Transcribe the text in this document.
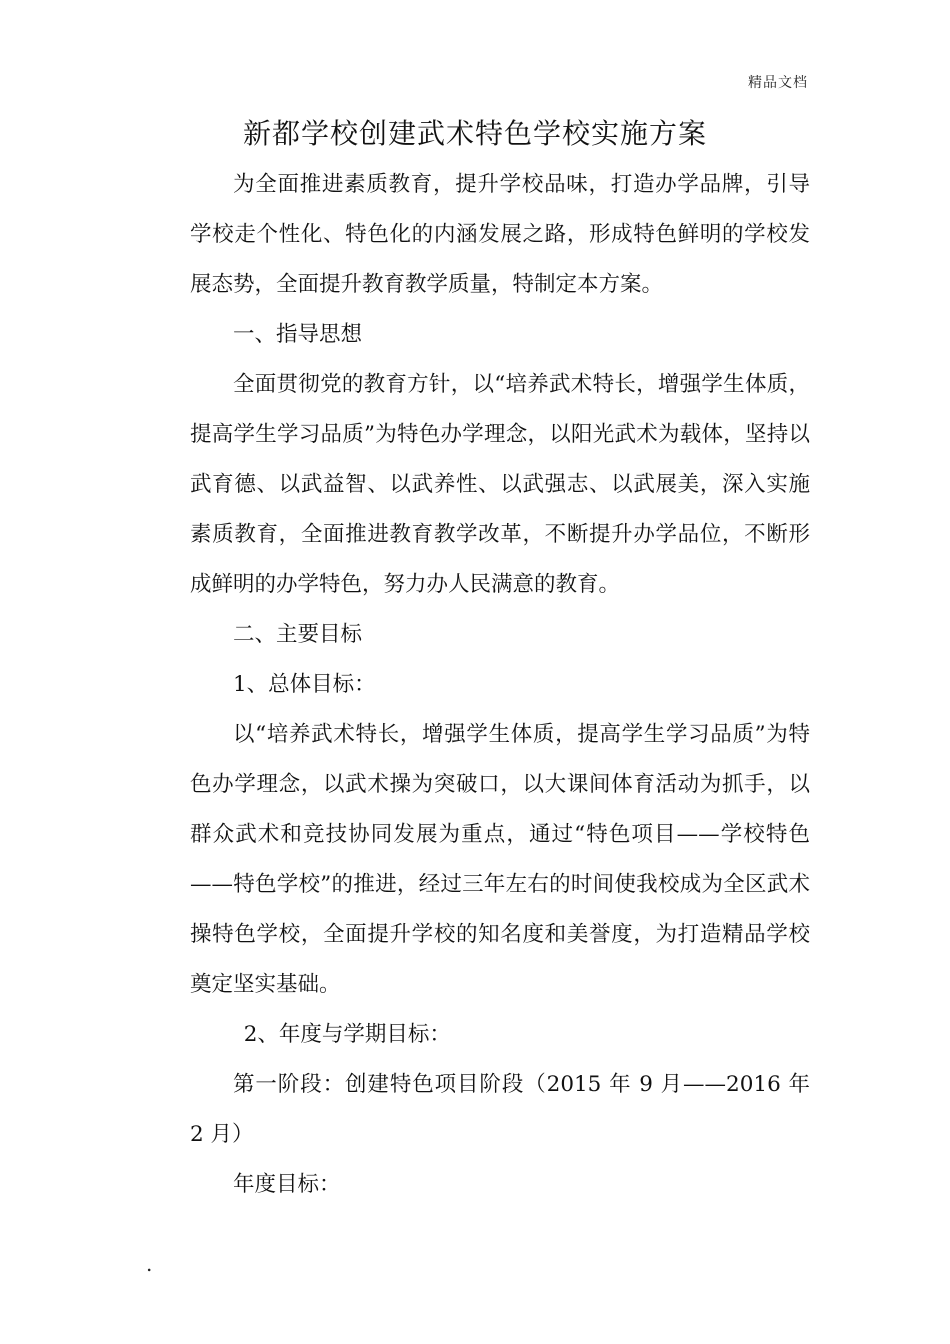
精品文档
新都学校创建武术特色学校实施方案

为全面推进素质教育，提升学校品味，打造办学品牌，引导学校走个性化、特色化的内涵发展之路，形成特色鲜明的学校发展态势，全面提升教育教学质量，特制定本方案。

一、指导思想

全面贯彻党的教育方针，以“培养武术特长，增强学生体质，提高学生学习品质”为特色办学理念，以阳光武术为载体，坚持以武育德、以武益智、以武养性、以武强志、以武展美，深入实施素质教育，全面推进教育教学改革，不断提升办学品位，不断形成鲜明的办学特色，努力办人民满意的教育。

二、主要目标

1、总体目标：

以“培养武术特长，增强学生体质，提高学生学习品质”为特色办学理念，以武术操为突破口，以大课间体育活动为抓手，以群众武术和竞技协同发展为重点，通过“特色项目——学校特色——特色学校”的推进，经过三年左右的时间使我校成为全区武术操特色学校，全面提升学校的知名度和美誉度，为打造精品学校奠定坚实基础。

2、年度与学期目标：

第一阶段：创建特色项目阶段（2015 年 9 月——2016 年 2 月）

年度目标：

.
